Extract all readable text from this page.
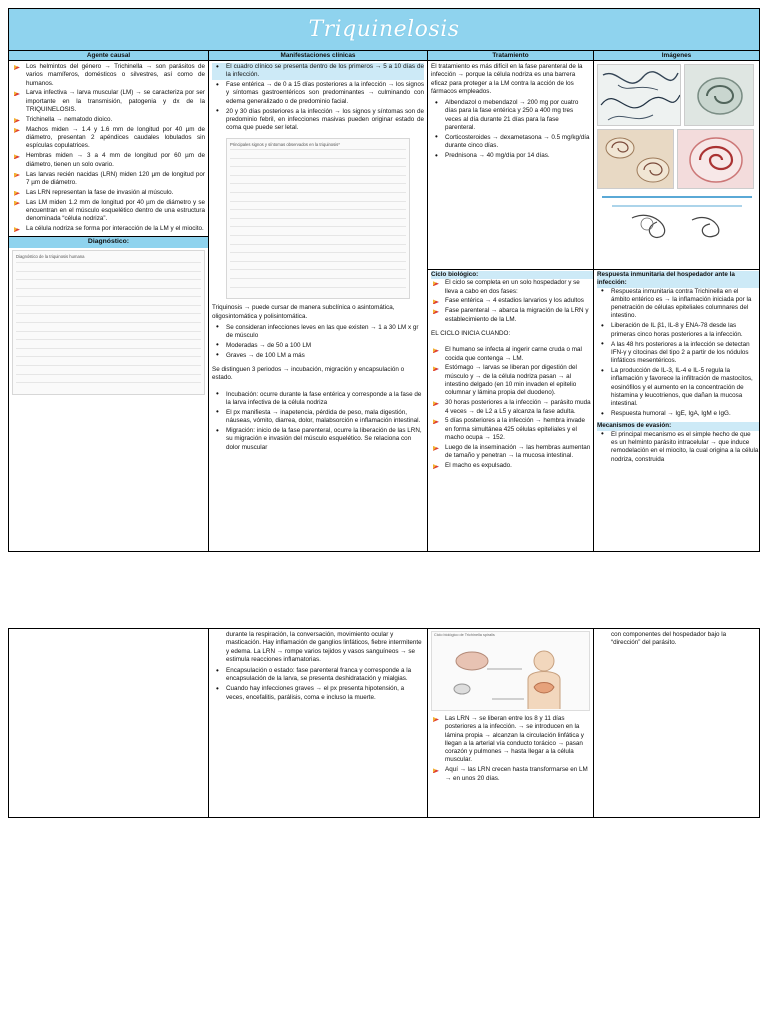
Triquinelosis
Agente causal	Manifestaciones clínicas	Tratamiento	Imágenes
Los helmintos del género → Trichinella → son parásitos de varios mamíferos, domésticos o silvestres, así como de humanos.
Larva infectiva → larva muscular (LM) → se caracteriza por ser importante en la transmisión, patogenia y dx de la TRIQUINELOSIS.
Trichinella → nematodo dioico.
Machos miden → 1.4 y 1.6 mm de longitud por 40 µm de diámetro, presentan 2 apéndices caudales lobulados sin espículas copulatrices.
Hembras miden → 3 a 4 mm de longitud por 60 µm de diámetro, tienen un solo ovario.
Las larvas recién nacidas (LRN) miden 120 µm de longitud por 7 µm de diámetro.
Las LRN representan la fase de invasión al músculo.
Las LM miden 1.2 mm de longitud por 40 µm de diámetro y se encuentran en el músculo esquelético dentro de una estructura denominada “célula nodriza”.
La célula nodriza se forma por interacción de la LM y el miocito.
Diagnóstico:
Diagnóstico de la triquinosis humana
• El cuadro clínico se presenta dentro de los primeros → 5 a 10 días de la infección.
• Fase entérica → de 0 a 15 días posteriores a la infección → los signos y síntomas gastroentéricos son predominantes → culminando con edema generalizado o de predominio facial.
• 20 y 30 días posteriores a la infección → los signos y síntomas son de predominio febril, en infecciones masivas pueden originar estado de coma que puede ser letal.
Principales signos y síntomas observados en la triquinosis*

Triquinosis → puede cursar de manera subclínica o asintomática, oligosintomática y polisintomática.

• Se consideran infecciones leves en las que existen → 1 a 30 LM x gr de músculo
• Moderadas → de 50 a 100 LM
• Graves → de 100 LM a más

Se distinguen 3 periodos → incubación, migración y encapsulación o estado.

• Incubación: ocurre durante la fase entérica y corresponde a la fase de la larva infectiva de la célula nodriza
• El px manifiesta → inapetencia, pérdida de peso, mala digestión, náuseas, vómito, diarrea, dolor, malabsorción e inflamación intestinal.
• Migración: inicio de la fase parenteral, ocurre la liberación de las LRN, su migración e invasión del músculo esquelético. Se relaciona con dolor muscular

El tratamiento es más difícil en la fase parenteral de la infección → porque la célula nodriza es una barrera eficaz para proteger a la LM contra la acción de los fármacos empleados.

• Albendazol o mebendazol → 200 mg por cuatro días para la fase entérica y 250 a 400 mg tres veces al día durante 21 días para la fase parenteral.
• Corticosteroides → dexametasona → 0.5 mg/kg/día durante cinco días.
• Prednisona → 40 mg/día por 14 días.
Ciclo biológico:
El ciclo se completa en un solo hospedador y se lleva a cabo en dos fases:
Fase entérica → 4 estadios larvarios y los adultos
Fase parenteral → abarca la migración de la LRN y establecimiento de la LM.

EL CICLO INICIA CUANDO:

El humano se infecta al ingerir carne cruda o mal cocida que contenga → LM.
Estómago → larvas se liberan por digestión del músculo y → de la célula nodriza pasan → al intestino delgado (en 10 min invaden el epitelio columnar y lámina propia del duodeno).
30 horas posteriores a la infección → parásito muda 4 veces → de L2 a L5 y alcanza la fase adulta.
5 días posteriores a la infección → hembra invade en forma simultánea 425 células epiteliales y el macho ocupa → 152.
Luego de la inseminación → las hembras aumentan de tamaño y penetran → la mucosa intestinal.
El macho es expulsado.
Respuesta inmunitaria del hospedador ante la infección:
• Respuesta inmunitaria contra Trichinella en el ámbito entérico es → la inflamación iniciada por la penetración de células epiteliales columnares del intestino.
• Liberación de IL β1, IL-8 y ENA-78 desde las primeras cinco horas posteriores a la infección.
• A las 48 hrs posteriores a la infección se detectan IFN-γ y citocinas del tipo 2 a partir de los nódulos linfáticos mesentéricos.
• La producción de IL-3, IL-4 e IL-5 regula la inflamación y favorece la infiltración de mastocitos, eosinófilos y el aumento en la concentración de histamina y leucotrienos, que dañan la mucosa intestinal.
• Respuesta humoral → IgE, IgA, IgM e IgG.
Mecanismos de evasión:
• El principal mecanismo es el simple hecho de que es un helminto parásito intracelular → que induce remodelación en el miocito, la cual origina a la célula nodriza, construida

durante la respiración, la conversación, movimiento ocular y masticación. Hay inflamación de ganglios linfáticos, fiebre intermitente y edema. La LRN → rompe varios tejidos y vasos sanguíneos → se estimula reacciones inflamatorias.

• Encapsulación o estado: fase parenteral franca y corresponde a la encapsulación de la larva, se presenta deshidratación y mialgias.
• Cuando hay infecciones graves → el px presenta hipotensión, a veces, encefalitis, parálisis, coma e incluso la muerte.
Ciclo biológico de Trichinella spiralis
Las LRN → se liberan entre los 8 y 11 días posteriores a la infección. → se introducen en la lámina propia → alcanzan la circulación linfática y llegan a la arterial vía conducto torácico → pasan corazón y pulmones → hasta llegar a la célula muscular.
Aquí → las LRN crecen hasta transformarse en LM → en unos 20 días.

con componentes del hospedador bajo la “dirección” del parásito.
